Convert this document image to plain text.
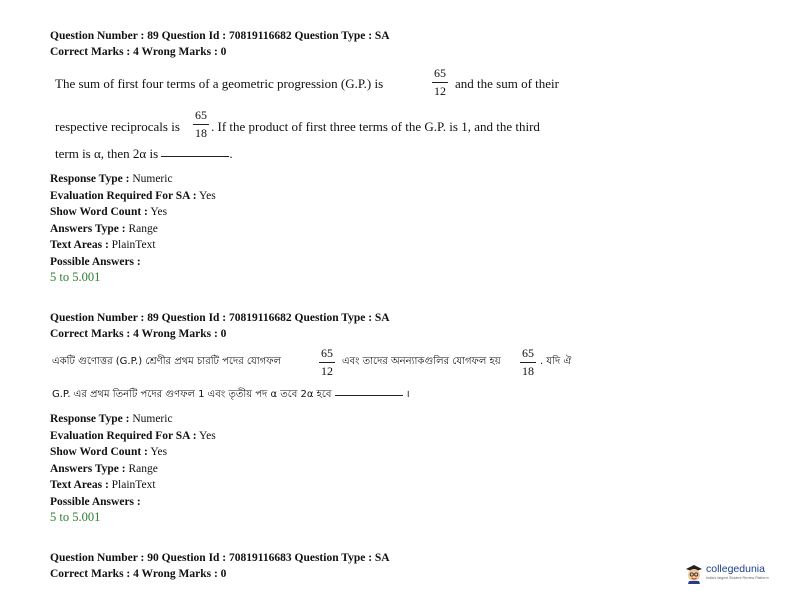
Question Number : 89 Question Id : 70819116682 Question Type : SA
Correct Marks : 4 Wrong Marks : 0
The sum of first four terms of a geometric progression (G.P.) is
65
12 and the sum of their
respective reciprocals is
65
18 . If the product of first three terms of the G.P. is 1, and the third
term is α, then 2α is	.
Response Type : Numeric
Evaluation Required For SA : Yes
Show Word Count : Yes
Answers Type : Range
Text Areas : PlainText
Possible Answers :
5 to 5.001
Question Number : 89 Question Id : 70819116682 Question Type : SA
Correct Marks : 4 Wrong Marks : 0
একটি গুণোত্তর (G.P.) শ্রেণীর প্রথম চারটি পদের যোগফল
65
12
এবং তাদের অনন্যাকগুলির যোগফল হয়
65
18
. যদি ঐ
G.P. এর প্রথম তিনটি পদের গুণফল 1 এবং তৃতীয় পদ α তবে 2α হবে	।
Response Type : Numeric
Evaluation Required For SA : Yes
Show Word Count : Yes
Answers Type : Range
Text Areas : PlainText
Possible Answers :
5 to 5.001
Question Number : 90 Question Id : 70819116683 Question Type : SA
Correct Marks : 4 Wrong Marks : 0	collegedunia
India's largest Student Review Platform
